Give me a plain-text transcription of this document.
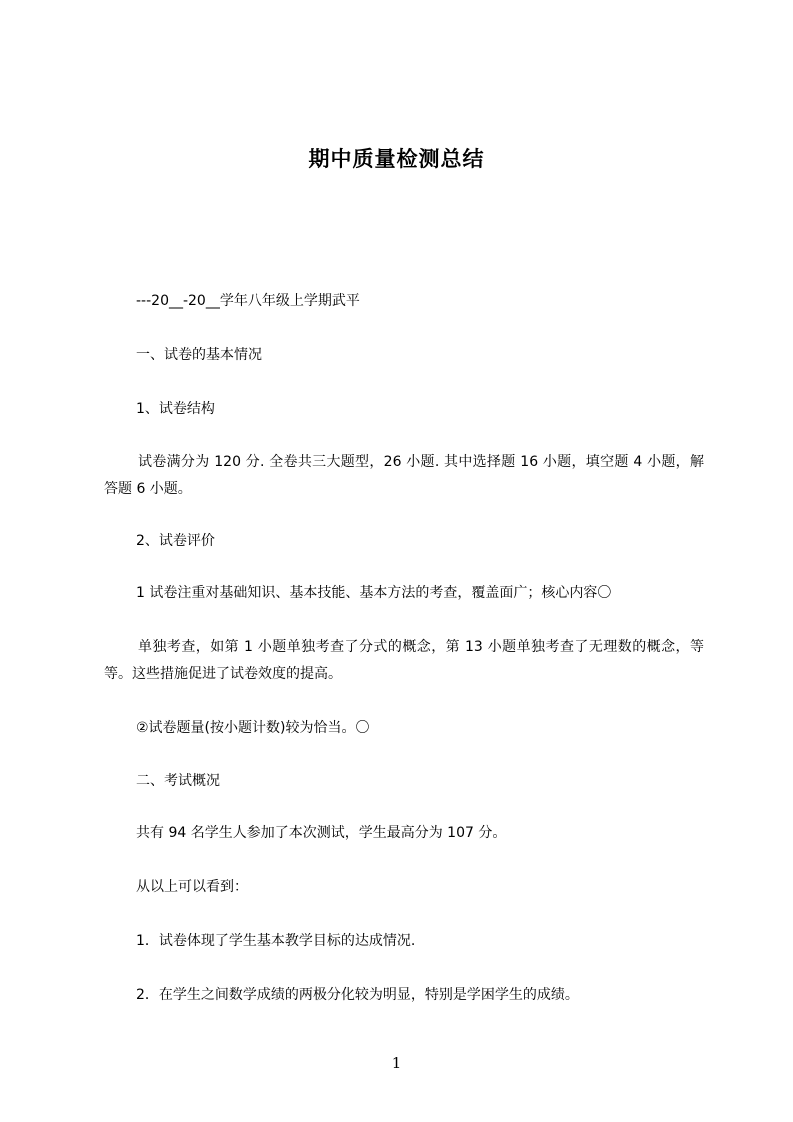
期中质量检测总结
---20__-20__学年八年级上学期武平
一、试卷的基本情况
1、试卷结构
试卷满分为 120 分. 全卷共三大题型，26 小题. 其中选择题 16 小题，填空题 4 小题，解答题 6 小题。
2、试卷评价
1 试卷注重对基础知识、基本技能、基本方法的考查，覆盖面广；核心内容〇
单独考查，如第 1 小题单独考查了分式的概念，第 13 小题单独考查了无理数的概念，等等。这些措施促进了试卷效度的提高。
②试卷题量(按小题计数)较为恰当。〇
二、考试概况
共有 94 名学生人参加了本次测试，学生最高分为 107 分。
从以上可以看到：
1．试卷体现了学生基本教学目标的达成情况.
2．在学生之间数学成绩的两极分化较为明显，特别是学困学生的成绩。
1
